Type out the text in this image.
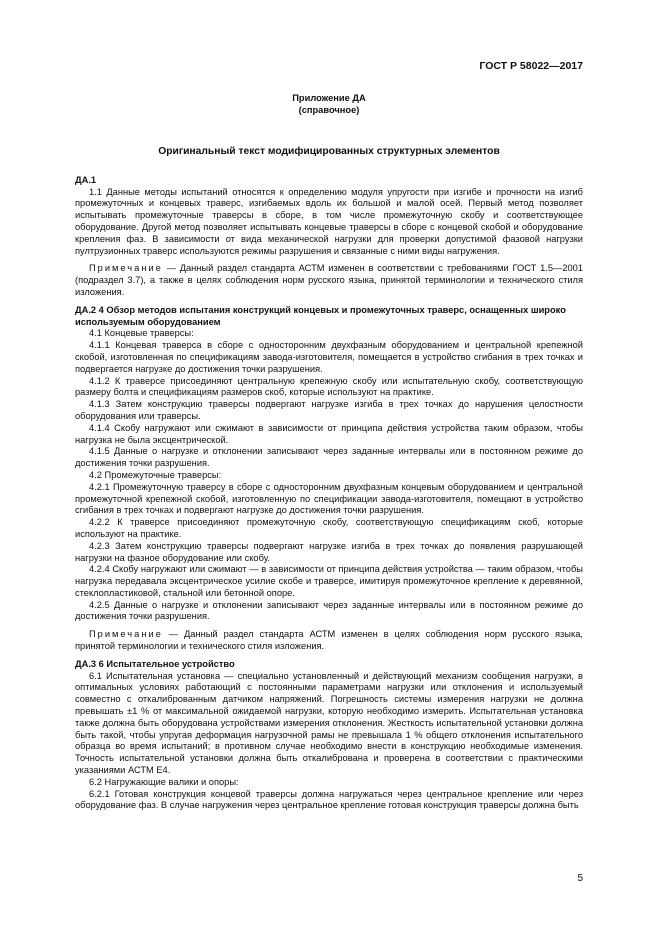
ГОСТ Р 58022—2017
Приложение ДА
(справочное)
Оригинальный текст модифицированных структурных элементов
ДА.1

1.1 Данные методы испытаний относятся к определению модуля упругости при изгибе и прочности на изгиб промежуточных и концевых траверс, изгибаемых вдоль их большой и малой осей. Первый метод позволяет испытывать промежуточные траверсы в сборе, в том числе промежуточную скобу и соответствующее оборудование. Другой метод позволяет испытывать концевые траверсы в сборе с концевой скобой и оборудование крепления фаз. В зависимости от вида механической нагрузки для проверки допустимой фазовой нагрузки пултрузионных траверс используются режимы разрушения и связанные с ними виды нагружения.

Примечание — Данный раздел стандарта АСТМ изменен в соответствии с требованиями ГОСТ 1.5—2001 (подраздел 3.7), а также в целях соблюдения норм русского языка, принятой терминологии и технического стиля изложения.

ДА.2 4 Обзор методов испытания конструкций концевых и промежуточных траверс, оснащенных широко используемым оборудованием

4.1 Концевые траверсы:

4.1.1 Концевая траверса в сборе с односторонним двухфазным оборудованием и центральной крепежной скобой, изготовленная по спецификациям завода-изготовителя, помещается в устройство сгибания в трех точках и подвергается нагрузке до достижения точки разрушения.

4.1.2 К траверсе присоединяют центральную крепежную скобу или испытательную скобу, соответствующую размеру болта и спецификациям размеров скоб, которые используют на практике.

4.1.3 Затем конструкцию траверсы подвергают нагрузке изгиба в трех точках до нарушения целостности оборудования или траверсы.

4.1.4 Скобу нагружают или сжимают в зависимости от принципа действия устройства таким образом, чтобы нагрузка не была эксцентрической.

4.1.5 Данные о нагрузке и отклонении записывают через заданные интервалы или в постоянном режиме до достижения точки разрушения.

4.2 Промежуточные траверсы:

4.2.1 Промежуточную траверсу в сборе с односторонним двухфазным концевым оборудованием и центральной промежуточной крепежной скобой, изготовленную по спецификации завода-изготовителя, помещают в устройство сгибания в трех точках и подвергают нагрузке до достижения точки разрушения.

4.2.2 К траверсе присоединяют промежуточную скобу, соответствующую спецификациям скоб, которые используют на практике.

4.2.3 Затем конструкцию траверсы подвергают нагрузке изгиба в трех точках до появления разрушающей нагрузки на фазное оборудование или скобу.

4.2.4 Скобу нагружают или сжимают — в зависимости от принципа действия устройства — таким образом, чтобы нагрузка передавала эксцентрическое усилие скобе и траверсе, имитируя промежуточное крепление к деревянной, стеклопластиковой, стальной или бетонной опоре.

4.2.5 Данные о нагрузке и отклонении записывают через заданные интервалы или в постоянном режиме до достижения точки разрушения.

Примечание — Данный раздел стандарта АСТМ изменен в целях соблюдения норм русского языка, принятой терминологии и технического стиля изложения.

ДА.3 6 Испытательное устройство

6.1 Испытательная установка — специально установленный и действующий механизм сообщения нагрузки, в оптимальных условиях работающий с постоянными параметрами нагрузки или отклонения и используемый совместно с откалиброванным датчиком напряжений. Погрешность системы измерения нагрузки не должна превышать ±1 % от максимальной ожидаемой нагрузки, которую необходимо измерить. Испытательная установка также должна быть оборудована устройствами измерения отклонения. Жесткость испытательной установки должна быть такой, чтобы упругая деформация нагрузочной рамы не превышала 1 % общего отклонения испытательного образца во время испытаний; в противном случае необходимо внести в конструкцию необходимые изменения. Точность испытательной установки должна быть откалибрована и проверена в соответствии с практическими указаниями АСТМ Е4.

6.2 Нагружающие валики и опоры:

6.2.1 Готовая конструкция концевой траверсы должна нагружаться через центральное крепление или через оборудование фаз. В случае нагружения через центральное крепление готовая конструкция траверсы должна быть

5
